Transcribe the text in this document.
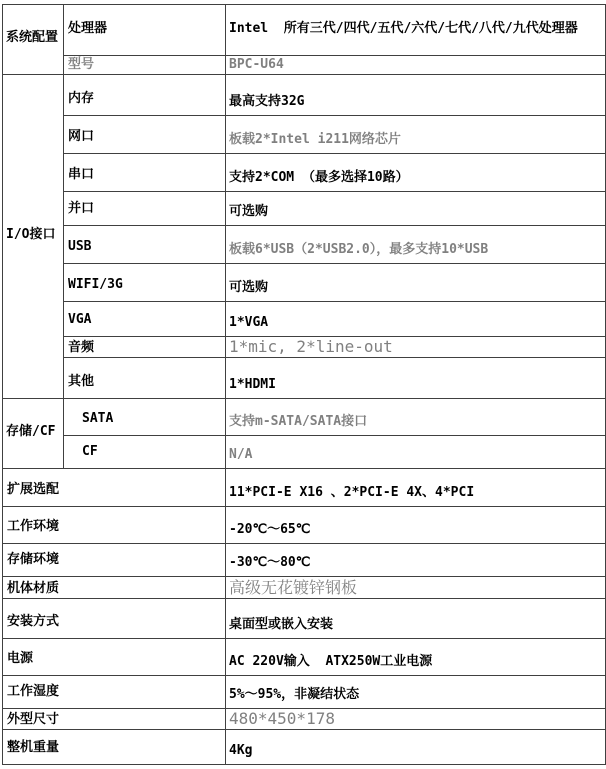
系统配置	处理器	Intel  所有三代/四代/五代/六代/七代/八代/九代处理器
	型号	BPC-U64
I/O接口	内存	最高支持32G
	网口	板载2*Intel i211网络芯片
	串口	支持2*COM （最多选择10路）
	并口	可选购
	USB	板载6*USB（2*USB2.0），最多支持10*USB
	WIFI/3G	可选购
	VGA	1*VGA
	音频	1*mic, 2*line-out
	其他	1*HDMI
存储/CF	SATA	支持m-SATA/SATA接口
	CF	N/A
扩展选配		11*PCI-E X16 、2*PCI-E 4X、4*PCI
工作环境		-20℃～65℃
存储环境		-30℃～80℃
机体材质		高级无花镀锌钢板
安装方式		桌面型或嵌入安装
电源		AC 220V输入  ATX250W工业电源
工作湿度		5%～95%，非凝结状态
外型尺寸		480*450*178
整机重量		4Kg
